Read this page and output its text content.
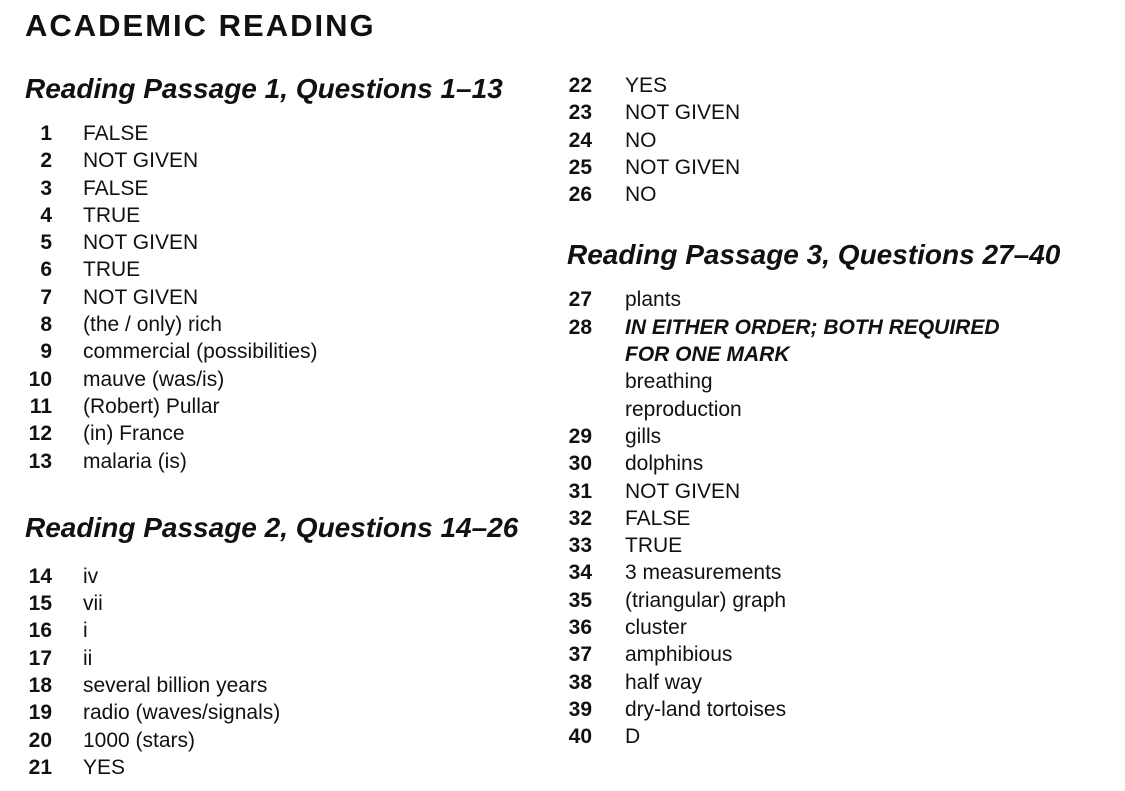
ACADEMIC READING
Reading Passage 1, Questions 1–13
1 FALSE
2 NOT GIVEN
3 FALSE
4 TRUE
5 NOT GIVEN
6 TRUE
7 NOT GIVEN
8 (the / only) rich
9 commercial (possibilities)
10 mauve (was/is)
11 (Robert) Pullar
12 (in) France
13 malaria (is)
Reading Passage 2, Questions 14–26
14 iv
15 vii
16 i
17 ii
18 several billion years
19 radio (waves/signals)
20 1000 (stars)
21 YES
22 YES
23 NOT GIVEN
24 NO
25 NOT GIVEN
26 NO
Reading Passage 3, Questions 27–40
27 plants
28 IN EITHER ORDER; BOTH REQUIRED
FOR ONE MARK
breathing
reproduction
29 gills
30 dolphins
31 NOT GIVEN
32 FALSE
33 TRUE
34 3 measurements
35 (triangular) graph
36 cluster
37 amphibious
38 half way
39 dry-land tortoises
40 D
